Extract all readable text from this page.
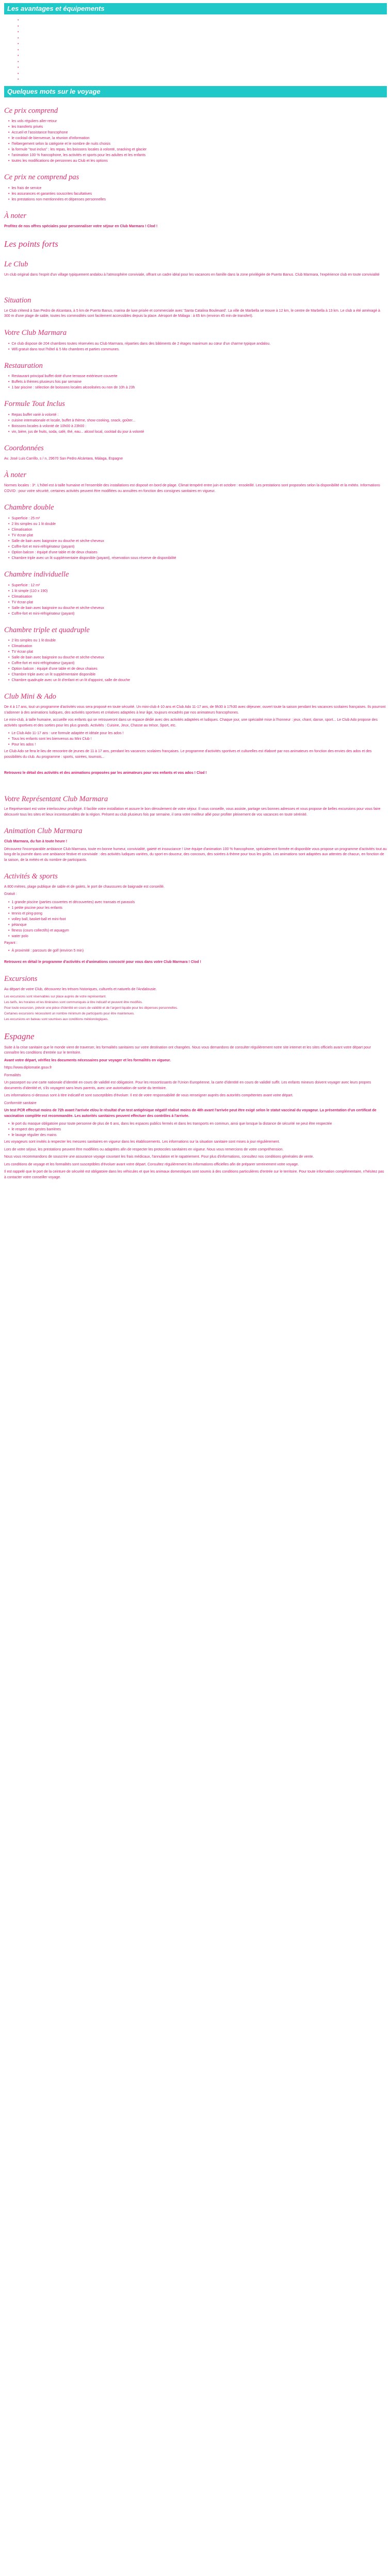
Les avantages et équipements
• Wi-Fi à bord (dans l'ensemble de l'hôtel)
• Sèche-cheveux
• Climatisation
• Cocktail de bienvenue
• Restaurant
• Bar
• Piscine
• Club enfant
• Parking
• Animations
• Salle de sport
Quelques mots sur le voyage
Ce prix comprend
• les vols réguliers aller-retour
• les transferts privés
• Accueil et l'assistance francophone
• le cocktail de bienvenue, la réunion d'information
• l'hébergement selon la catégorie et le nombre de nuits choisis
• la formule "tout inclus" : les repas, les boissons locales à volonté, snacking et glacier
• l'animation 100 % francophone, les activités et sports pour les adultes et les enfants
• toutes les modifications de personnes au Club et les options
Ce prix ne comprend pas
• les frais de service
• les assurances et garanties souscrites facultatives
• les prestations non mentionnées et dépenses personnelles
À noter

Profitez de nos offres spéciales pour personnaliser votre séjour en Club Marmara ! Clod !

Les points forts
Le Club

Un club original dans l'esprit d'un village typiquement andalou à l'atmosphère conviviale, offrant un cadre idéal pour les vacances en famille dans la zone privilégiée de Puerto Banus. Club Marmara, l'expérience club en toute convivialité

Situation

Le Club s'étend à San Pedro de Alcantara, à 5 km de Puerto Banus, marina de luxe prisée et commerciale avec 'Santa Catalina Boulevard'. La ville de Marbella se trouve à 12 km, le centre de Marbella à 13 km. Le club a été aménagé à 300 m d'une plage de sable, toutes les commodités sont facilement accessibles depuis la place. Aéroport de Málaga : à 65 km (environ 45 min de transfert).

Votre Club Marmara
• Ce club dispose de 204 chambres toutes réservées au Club Marmara, réparties dans des bâtiments de 2 étages maximum au cœur d'un charme typique andalou.
• Wifi gratuit dans tout l'hôtel & 5 Mo chambres et parties communes.
Restauration
• Restaurant principal buffet doté d'une terrasse extérieure couverte
• Buffets à thèmes plusieurs fois par semaine
• 1 bar piscine : sélection de boissons locales alcoolisées ou non de 10h à 23h
Formule Tout Inclus
• Repas buffet varié à volonté :
• cuisine internationale et locale, buffet à thème, show cooking, snack, goûter...
• Boissons locales à volonté de 10h00 à 23h00 :
• vin, bière, jus de fruits, soda, café, thé, eau... alcool local, cocktail du jour à volonté
Coordonnées

Av. José Luis Carrillo, s / n, 29670 San Pedro Alcántara, Málaga, Espagne

À noter

Normes locales : 3*. L'hôtel est à taille humaine et l'ensemble des installations est disposé en bord de plage. Climat tempéré entre juin et octobre : ensoleillé. Les prestations sont proposées selon la disponibilité et la météo. Informations COVID : pour votre sécurité, certaines activités peuvent être modifiées ou annulées en fonction des consignes sanitaires en vigueur.

Chambre double
• Superficie : 25 m²
• 2 lits simples ou 1 lit double
• Climatisation
• TV écran plat
• Salle de bain avec baignoire ou douche et sèche-cheveux
• Coffre-fort et mini-réfrigérateur (payant)
• Option balcon : équipé d'une table et de deux chaises
• Chambre triple avec un lit supplémentaire disponible (payant), réservation sous réserve de disponibilité
Chambre individuelle
• Superficie : 12 m²
• 1 lit simple (110 x 190)
• Climatisation
• TV écran plat
• Salle de bain avec baignoire ou douche et sèche-cheveux
• Coffre-fort et mini-réfrigérateur (payant)
Chambre triple et quadruple
• 2 lits simples ou 1 lit double
• Climatisation
• TV écran plat
• Salle de bain avec baignoire ou douche et sèche-cheveux
• Coffre-fort et mini-réfrigérateur (payant)
• Option balcon : équipé d'une table et de deux chaises
• Chambre triple avec un lit supplémentaire disponible
• Chambre quadruple avec un lit d'enfant et un lit d'appoint, salle de douche
Club Mini & Ado

De 4 à 17 ans, tout un programme d'activités vous sera proposé en toute sécurité. Un mini-club 4-10 ans et Club Ado 11-17 ans, de 9h30 à 17h30 avec déjeuner, ouvert toute la saison pendant les vacances scolaires françaises. Ils pourront s'adonner à des animations ludiques, des activités sportives et créatives adaptées à leur âge, toujours encadrés par nos animateurs francophones.

Le mini-club, à taille humaine, accueille vos enfants qui se retrouveront dans un espace dédié avec des activités adaptées et ludiques. Chaque jour, une spécialité mise à l'honneur : jeux, chant, danse, sport... Le Club Ado propose des activités sportives et des sorties pour les plus grands. Activités : Cuisine, Jeux, Chasse au trésor, Sport, etc.

• Le Club Ado 11-17 ans : une formule adaptée et idéale pour les ados !
• Tous les enfants sont les bienvenus au Mini Club !
• Pour les ados !

Le Club Ado se fera le lieu de rencontre de jeunes de 11 à 17 ans, pendant les vacances scolaires françaises. Le programme d'activités sportives et culturelles est élaboré par nos animateurs en fonction des envies des ados et des possibilités du club. Au programme : sports, soirées, tournois...

Retrouvez le détail des activités et des animations proposées par les animateurs pour vos enfants et vos ados ! Clod !

Votre Représentant Club Marmara

Le Représentant est votre interlocuteur privilégié. Il facilite votre installation et assure le bon déroulement de votre séjour. Il vous conseille, vous assiste, partage ses bonnes adresses et vous propose de belles excursions pour vous faire découvrir tous les sites et lieux incontournables de la région. Présent au club plusieurs fois par semaine, il sera votre meilleur allié pour profiter pleinement de vos vacances en toute sérénité.

Animation Club Marmara

Club Marmara, du fun à toute heure !

Découvrez l'incomparable ambiance Club Marmara, toute en bonne humeur, convivialité, gaieté et insouciance ! Une équipe d'animation 100 % francophone, spécialement formée et disponible vous propose un programme d'activités tout au long de la journée dans une ambiance festive et conviviale : des activités ludiques variées, du sport en douceur, des concours, des soirées à thème pour tous les goûts. Les animations sont adaptées aux attentes de chacun, en fonction de la saison, de la météo et du nombre de participants.

Activités & sports

A 800 mètres, plage publique de sable et de galets, le port de chaussures de baignade est conseillé.

Gratuit :

• 1 grande piscine (parties couvertes et découvertes) avec transats et parasols
• 1 petite piscine pour les enfants
• tennis et ping-pong
• volley ball, basket-ball et mini-foot
• pétanque
• fitness (cours collectifs) et aquagym
• water polo

Payant :

• À proximité : parcours de golf (environ 5 min)

Retrouvez en détail le programme d'activités et d'animations concocté pour vous dans votre Club Marmara ! Clod !

Excursions

Au départ de votre Club, découvrez les trésors historiques, culturels et naturels de l'Andalousie.

Les excursions sont réservables sur place auprès de votre représentant.

Les tarifs, les horaires et les itinéraires sont communiqués à titre indicatif et peuvent être modifiés.

Pour toute excursion, prévoir une pièce d'identité en cours de validité et de l'argent liquide pour les dépenses personnelles.

Certaines excursions nécessitent un nombre minimum de participants pour être maintenues.

Les excursions en bateau sont soumises aux conditions météorologiques.

Espagne

Suite à la crise sanitaire que le monde vient de traverser, les formalités sanitaires sur votre destination ont changées. Nous vous demandons de consulter régulièrement notre site internet et les sites officiels avant votre départ pour connaître les conditions d'entrée sur le territoire.

Avant votre départ, vérifiez les documents nécessaires pour voyager et les formalités en vigueur.

https://www.diplomatie.gouv.fr

Formalités

Un passeport ou une carte nationale d'identité en cours de validité est obligatoire. Pour les ressortissants de l'Union Européenne, la carte d'identité en cours de validité suffit. Les enfants mineurs doivent voyager avec leurs propres documents d'identité et, s'ils voyagent sans leurs parents, avec une autorisation de sortie du territoire.

Les informations ci-dessous sont à titre indicatif et sont susceptibles d'évoluer. Il est de votre responsabilité de vous renseigner auprès des autorités compétentes avant votre départ.

Conformité sanitaire

Un test PCR effectué moins de 72h avant l'arrivée et/ou le résultat d'un test antigénique négatif réalisé moins de 48h avant l'arrivée peut être exigé selon le statut vaccinal du voyageur. La présentation d'un certificat de vaccination complète est recommandée. Les autorités sanitaires peuvent effectuer des contrôles à l'arrivée.

• le port du masque obligatoire pour toute personne de plus de 6 ans, dans les espaces publics fermés et dans les transports en commun, ainsi que lorsque la distance de sécurité ne peut être respectée
• le respect des gestes barrières
• le lavage régulier des mains

Les voyageurs sont invités à respecter les mesures sanitaires en vigueur dans les établissements. Les informations sur la situation sanitaire sont mises à jour régulièrement.

Lors de votre séjour, les prestations peuvent être modifiées ou adaptées afin de respecter les protocoles sanitaires en vigueur. Nous vous remercions de votre compréhension.

Nous vous recommandons de souscrire une assurance voyage couvrant les frais médicaux, l'annulation et le rapatriement. Pour plus d'informations, consultez nos conditions générales de vente.

Les conditions de voyage et les formalités sont susceptibles d'évoluer avant votre départ. Consultez régulièrement les informations officielles afin de préparer sereinement votre voyage.

Il est rappelé que le port de la ceinture de sécurité est obligatoire dans les véhicules et que les animaux domestiques sont soumis à des conditions particulières d'entrée sur le territoire. Pour toute information complémentaire, n'hésitez pas à contacter votre conseiller voyage.
